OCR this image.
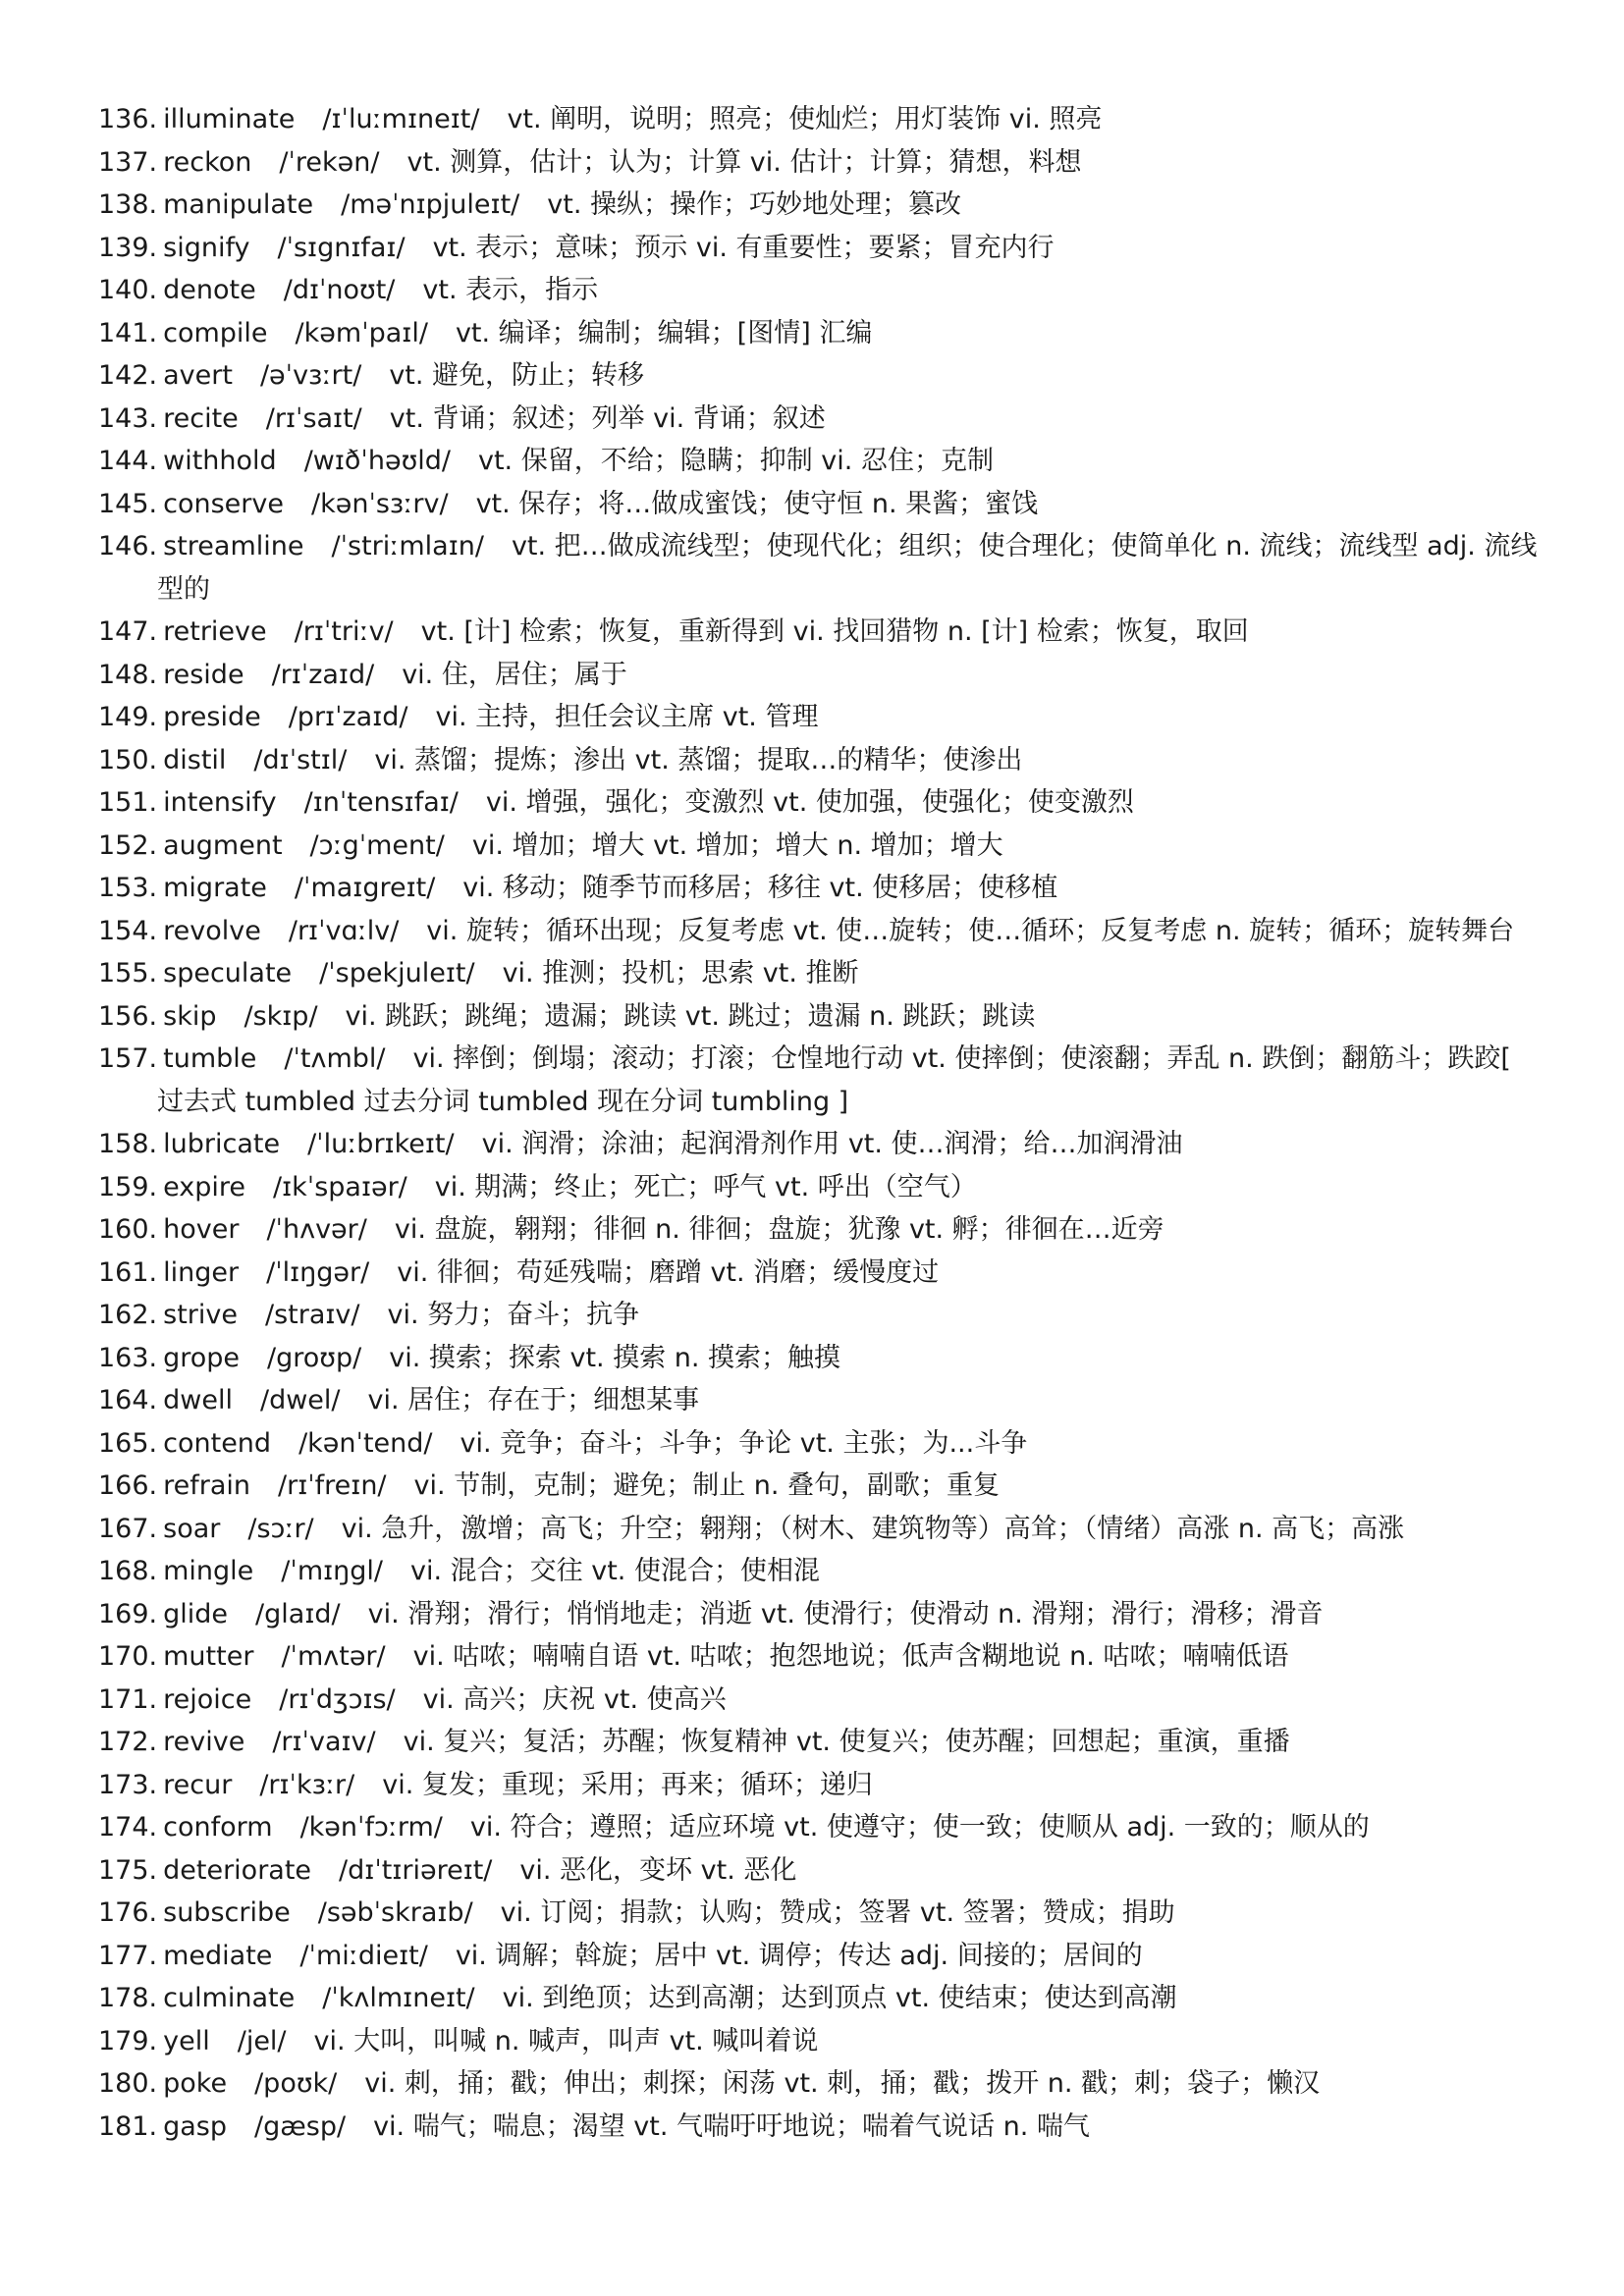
136. illuminate /ɪˈluːmɪneɪt/ vt. 阐明，说明；照亮；使灿烂；用灯装饰 vi. 照亮
137. reckon /ˈrekən/ vt. 测算，估计；认为；计算 vi. 估计；计算；猜想，料想
138. manipulate /məˈnɪpjuleɪt/ vt. 操纵；操作；巧妙地处理；篡改
139. signify /ˈsɪgnɪfaɪ/ vt. 表示；意味；预示 vi. 有重要性；要紧；冒充内行
140. denote /dɪˈnoʊt/ vt. 表示，指示
141. compile /kəmˈpaɪl/ vt. 编译；编制；编辑；[图情] 汇编
142. avert /əˈvɜːrt/ vt. 避免，防止；转移
143. recite /rɪˈsaɪt/ vt. 背诵；叙述；列举 vi. 背诵；叙述
144. withhold /wɪðˈhəʊld/ vt. 保留，不给；隐瞒；抑制 vi. 忍住；克制
145. conserve /kənˈsɜːrv/ vt. 保存；将…做成蜜饯；使守恒 n. 果酱；蜜饯
146. streamline /ˈstriːmlaɪn/ vt. 把…做成流线型；使现代化；组织；使合理化；使简单化 n. 流线；流线型 adj. 流线型的
147. retrieve /rɪˈtriːv/ vt. [计] 检索；恢复，重新得到 vi. 找回猎物 n. [计] 检索；恢复，取回
148. reside /rɪˈzaɪd/ vi. 住，居住；属于
149. preside /prɪˈzaɪd/ vi. 主持，担任会议主席 vt. 管理
150. distil /dɪˈstɪl/ vi. 蒸馏；提炼；渗出 vt. 蒸馏；提取…的精华；使渗出
151. intensify /ɪnˈtensɪfaɪ/ vi. 增强，强化；变激烈 vt. 使加强，使强化；使变激烈
152. augment /ɔːgˈment/ vi. 增加；增大 vt. 增加；增大 n. 增加；增大
153. migrate /ˈmaɪgreɪt/ vi. 移动；随季节而移居；移往 vt. 使移居；使移植
154. revolve /rɪˈvɑːlv/ vi. 旋转；循环出现；反复考虑 vt. 使…旋转；使…循环；反复考虑 n. 旋转；循环；旋转舞台
155. speculate /ˈspekjuleɪt/ vi. 推测；投机；思索 vt. 推断
156. skip /skɪp/ vi. 跳跃；跳绳；遗漏；跳读 vt. 跳过；遗漏 n. 跳跃；跳读
157. tumble /ˈtʌmbl/ vi. 摔倒；倒塌；滚动；打滚；仓惶地行动 vt. 使摔倒；使滚翻；弄乱 n. 跌倒；翻筋斗；跌跤[ 过去式 tumbled 过去分词 tumbled 现在分词 tumbling ]
158. lubricate /ˈluːbrɪkeɪt/ vi. 润滑；涂油；起润滑剂作用 vt. 使…润滑；给…加润滑油
159. expire /ɪkˈspaɪər/ vi. 期满；终止；死亡；呼气 vt. 呼出（空气）
160. hover /ˈhʌvər/ vi. 盘旋，翱翔；徘徊 n. 徘徊；盘旋；犹豫 vt. 孵；徘徊在…近旁
161. linger /ˈlɪŋgər/ vi. 徘徊；苟延残喘；磨蹭 vt. 消磨；缓慢度过
162. strive /straɪv/ vi. 努力；奋斗；抗争
163. grope /groʊp/ vi. 摸索；探索 vt. 摸索 n. 摸索；触摸
164. dwell /dwel/ vi. 居住；存在于；细想某事
165. contend /kənˈtend/ vi. 竞争；奋斗；斗争；争论 vt. 主张；为...斗争
166. refrain /rɪˈfreɪn/ vi. 节制，克制；避免；制止 n. 叠句，副歌；重复
167. soar /sɔːr/ vi. 急升，激增；高飞；升空；翱翔；（树木、建筑物等）高耸；（情绪）高涨 n. 高飞；高涨
168. mingle /ˈmɪŋgl/ vi. 混合；交往 vt. 使混合；使相混
169. glide /glaɪd/ vi. 滑翔；滑行；悄悄地走；消逝 vt. 使滑行；使滑动 n. 滑翔；滑行；滑移；滑音
170. mutter /ˈmʌtər/ vi. 咕哝；喃喃自语 vt. 咕哝；抱怨地说；低声含糊地说 n. 咕哝；喃喃低语
171. rejoice /rɪˈdʒɔɪs/ vi. 高兴；庆祝 vt. 使高兴
172. revive /rɪˈvaɪv/ vi. 复兴；复活；苏醒；恢复精神 vt. 使复兴；使苏醒；回想起；重演，重播
173. recur /rɪˈkɜːr/ vi. 复发；重现；采用；再来；循环；递归
174. conform /kənˈfɔːrm/ vi. 符合；遵照；适应环境 vt. 使遵守；使一致；使顺从 adj. 一致的；顺从的
175. deteriorate /dɪˈtɪriəreɪt/ vi. 恶化，变坏 vt. 恶化
176. subscribe /səbˈskraɪb/ vi. 订阅；捐款；认购；赞成；签署 vt. 签署；赞成；捐助
177. mediate /ˈmiːdieɪt/ vi. 调解；斡旋；居中 vt. 调停；传达 adj. 间接的；居间的
178. culminate /ˈkʌlmɪneɪt/ vi. 到绝顶；达到高潮；达到顶点 vt. 使结束；使达到高潮
179. yell /jel/ vi. 大叫，叫喊 n. 喊声，叫声 vt. 喊叫着说
180. poke /poʊk/ vi. 刺，捅；戳；伸出；刺探；闲荡 vt. 刺，捅；戳；拨开 n. 戳；刺；袋子；懒汉
181. gasp /gæsp/ vi. 喘气；喘息；渴望 vt. 气喘吁吁地说；喘着气说话 n. 喘气
